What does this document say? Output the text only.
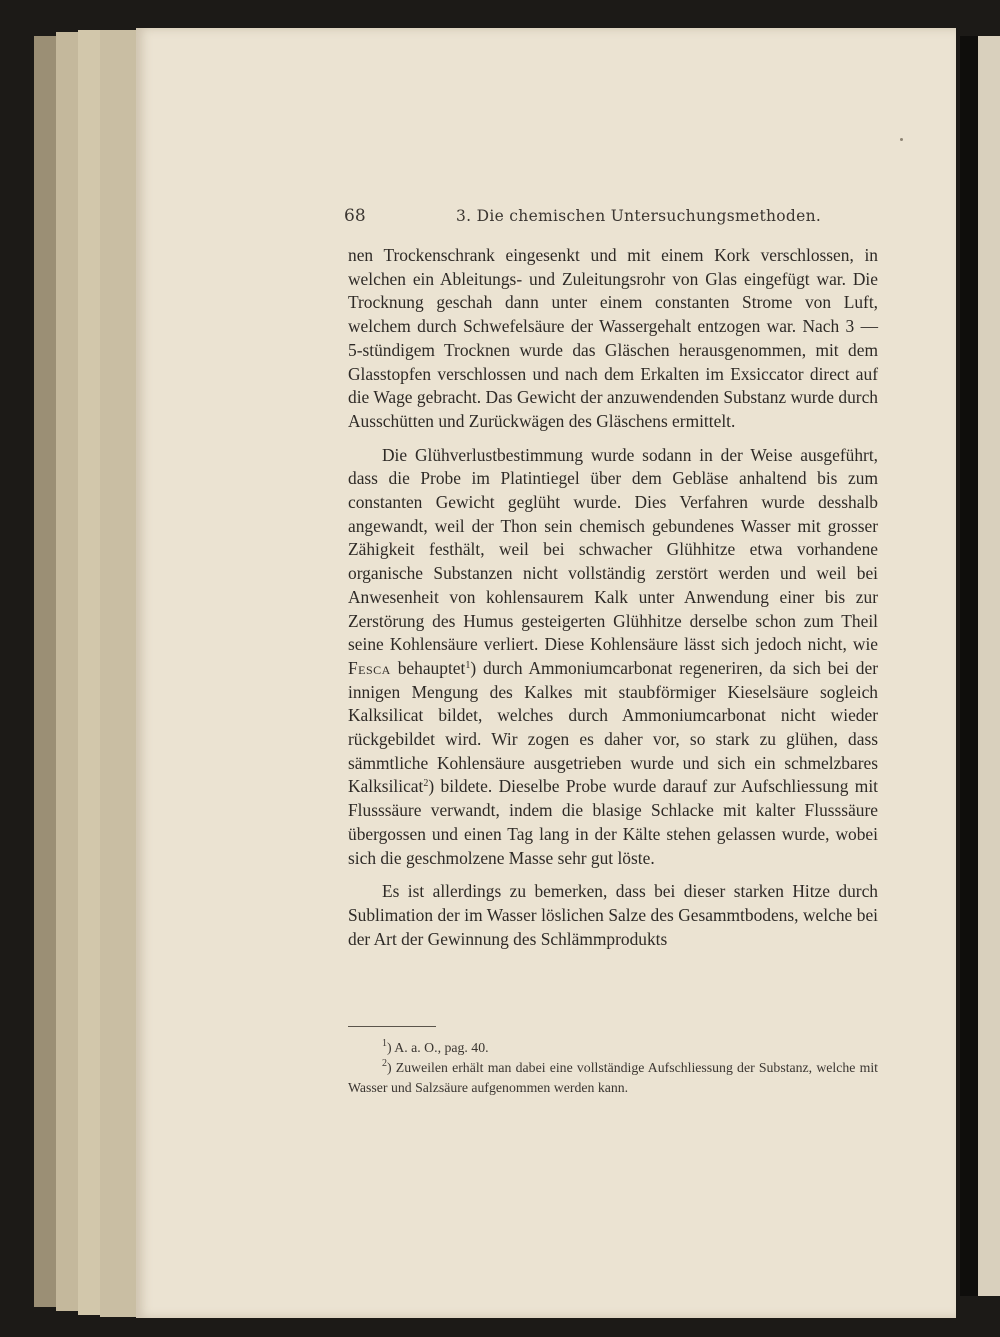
68	3. Die chemischen Untersuchungsmethoden.

nen Trockenschrank eingesenkt und mit einem Kork verschlossen, in welchen ein Ableitungs- und Zuleitungsrohr von Glas eingefügt war. Die Trocknung geschah dann unter einem constanten Strome von Luft, welchem durch Schwefelsäure der Wassergehalt entzogen war. Nach 3 — 5-stündigem Trocknen wurde das Gläschen herausgenommen, mit dem Glasstopfen verschlossen und nach dem Erkalten im Exsiccator direct auf die Wage gebracht. Das Gewicht der anzuwendenden Substanz wurde durch Ausschütten und Zurückwägen des Gläschens ermittelt.

Die Glühverlustbestimmung wurde sodann in der Weise ausgeführt, dass die Probe im Platintiegel über dem Gebläse anhaltend bis zum constanten Gewicht geglüht wurde. Dies Verfahren wurde desshalb angewandt, weil der Thon sein chemisch gebundenes Wasser mit grosser Zähigkeit festhält, weil bei schwacher Glühhitze etwa vorhandene organische Substanzen nicht vollständig zerstört werden und weil bei Anwesenheit von kohlensaurem Kalk unter Anwendung einer bis zur Zerstörung des Humus gesteigerten Glühhitze derselbe schon zum Theil seine Kohlensäure verliert. Diese Kohlensäure lässt sich jedoch nicht, wie Fesca behauptet$^1$) durch Ammoniumcarbonat regeneriren, da sich bei der innigen Mengung des Kalkes mit staubförmiger Kieselsäure sogleich Kalksilicat bildet, welches durch Ammoniumcarbonat nicht wieder rückgebildet wird. Wir zogen es daher vor, so stark zu glühen, dass sämmtliche Kohlensäure ausgetrieben wurde und sich ein schmelzbares Kalksilicat$^2$) bildete. Dieselbe Probe wurde darauf zur Aufschliessung mit Flusssäure verwandt, indem die blasige Schlacke mit kalter Flusssäure übergossen und einen Tag lang in der Kälte stehen gelassen wurde, wobei sich die geschmolzene Masse sehr gut löste.

Es ist allerdings zu bemerken, dass bei dieser starken Hitze durch Sublimation der im Wasser löslichen Salze des Gesammtbodens, welche bei der Art der Gewinnung des Schlämmprodukts

$^1$) A. a. O., pag. 40.

$^2$) Zuweilen erhält man dabei eine vollständige Aufschliessung der Substanz, welche mit Wasser und Salzsäure aufgenommen werden kann.
